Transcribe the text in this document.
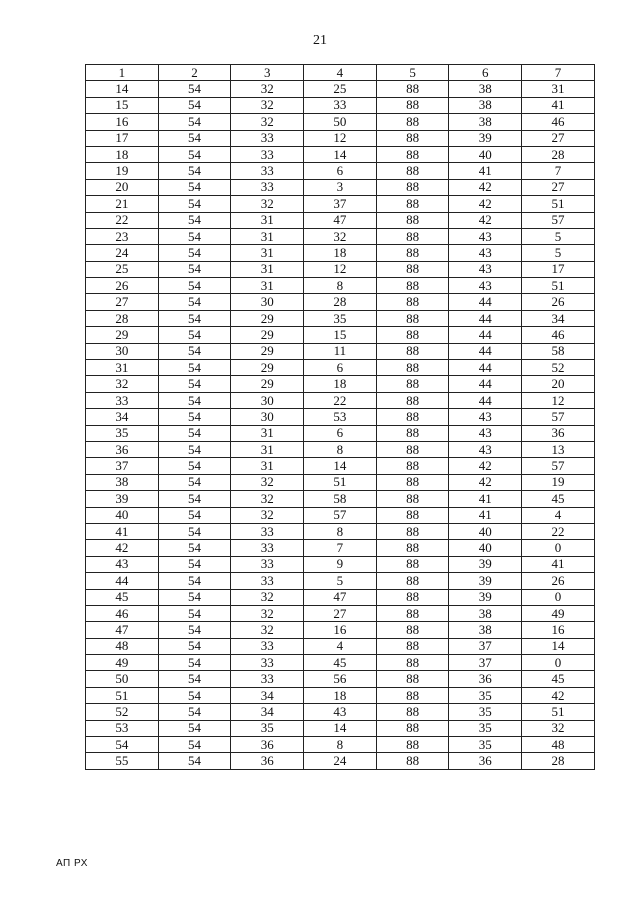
21
1	2	3	4	5	6	7
14	54	32	25	88	38	31
15	54	32	33	88	38	41
16	54	32	50	88	38	46
17	54	33	12	88	39	27
18	54	33	14	88	40	28
19	54	33	6	88	41	7
20	54	33	3	88	42	27
21	54	32	37	88	42	51
22	54	31	47	88	42	57
23	54	31	32	88	43	5
24	54	31	18	88	43	5
25	54	31	12	88	43	17
26	54	31	8	88	43	51
27	54	30	28	88	44	26
28	54	29	35	88	44	34
29	54	29	15	88	44	46
30	54	29	11	88	44	58
31	54	29	6	88	44	52
32	54	29	18	88	44	20
33	54	30	22	88	44	12
34	54	30	53	88	43	57
35	54	31	6	88	43	36
36	54	31	8	88	43	13
37	54	31	14	88	42	57
38	54	32	51	88	42	19
39	54	32	58	88	41	45
40	54	32	57	88	41	4
41	54	33	8	88	40	22
42	54	33	7	88	40	0
43	54	33	9	88	39	41
44	54	33	5	88	39	26
45	54	32	47	88	39	0
46	54	32	27	88	38	49
47	54	32	16	88	38	16
48	54	33	4	88	37	14
49	54	33	45	88	37	0
50	54	33	56	88	36	45
51	54	34	18	88	35	42
52	54	34	43	88	35	51
53	54	35	14	88	35	32
54	54	36	8	88	35	48
55	54	36	24	88	36	28
АП РХ
